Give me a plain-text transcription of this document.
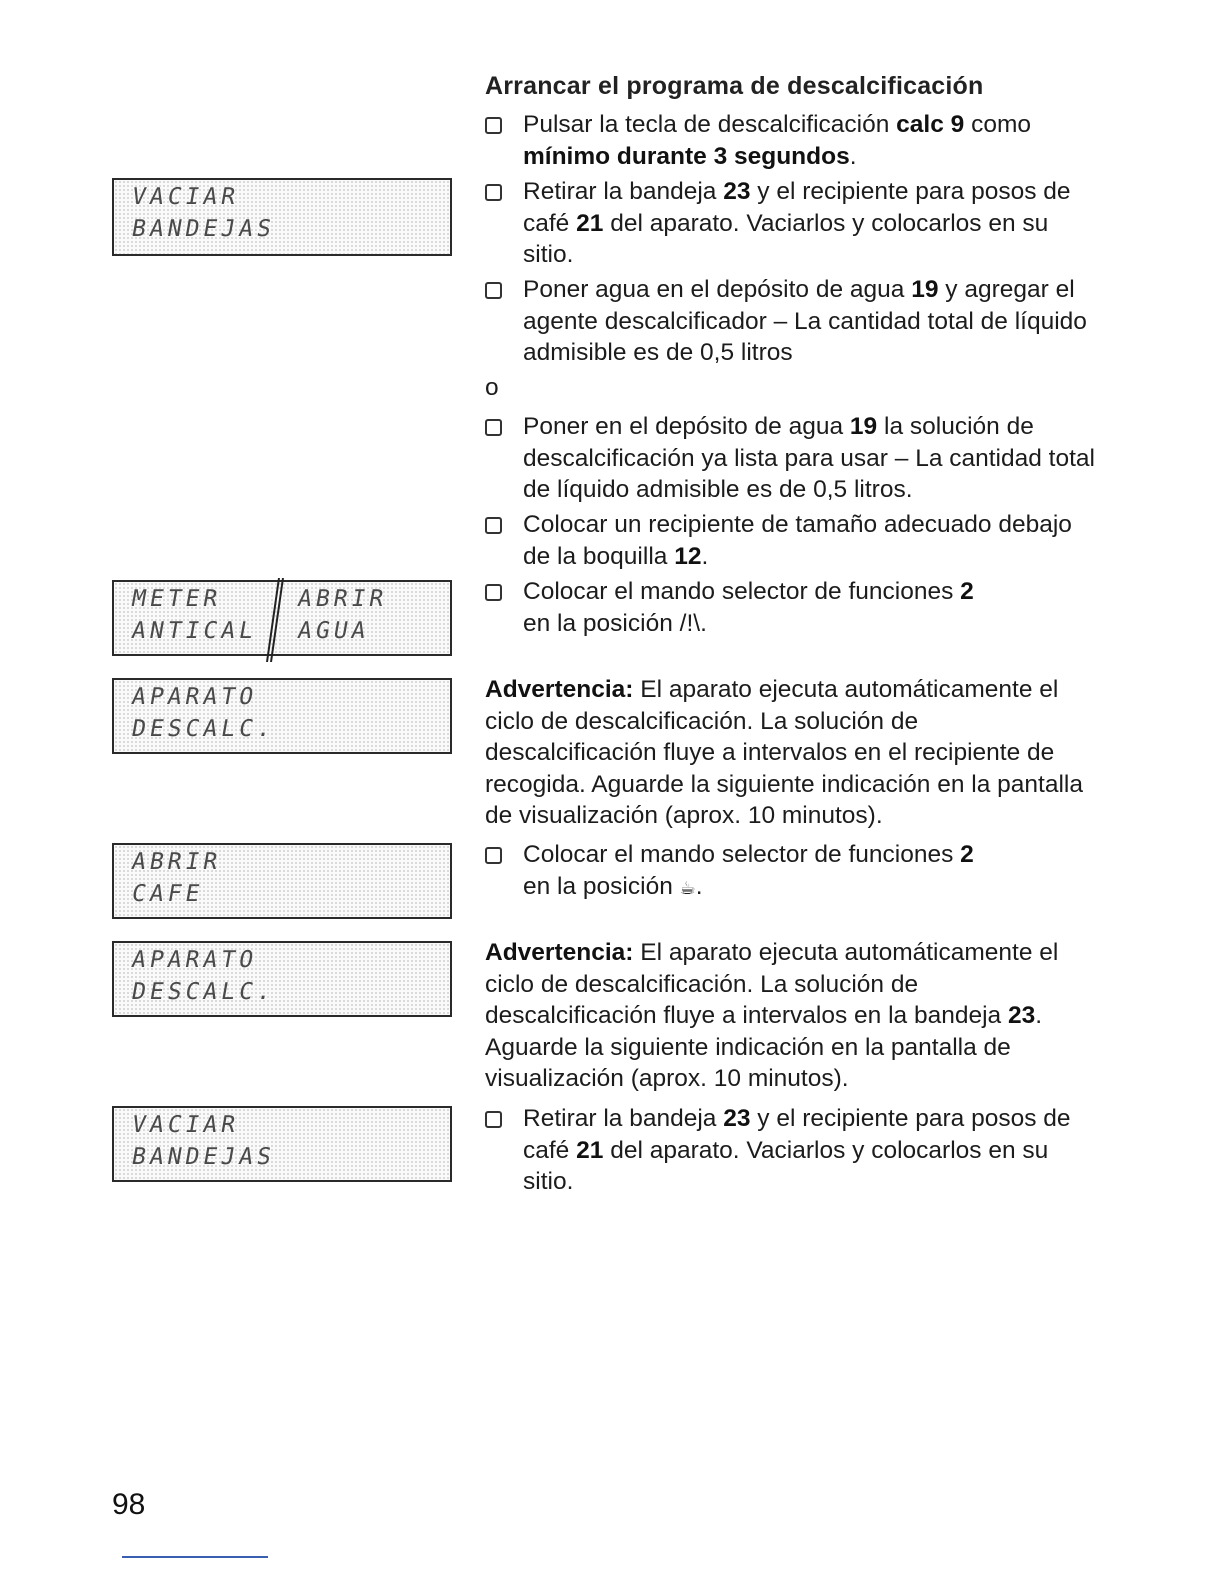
VACIAR
BANDEJAS
METER
ANTICAL
ABRIR
AGUA
APARATO
DESCALC.
ABRIR
CAFE
APARATO
DESCALC.
VACIAR
BANDEJAS
Arrancar el programa de descalcificación
Pulsar la tecla de descalcificación calc 9 como mínimo durante 3 segundos.
Retirar la bandeja 23 y el recipiente para posos de café 21 del aparato. Vaciarlos y colocarlos en su sitio.
Poner agua en el depósito de agua 19 y agregar el agente descalcificador – La cantidad total de líquido admisible es de 0,5 litros
o
Poner en el depósito de agua 19 la solución de descalcificación ya lista para usar – La cantidad total de líquido admisible es de 0,5 litros.
Colocar un recipiente de tamaño adecuado debajo de la boquilla 12.
Colocar el mando selector de funciones 2
en la posición /!\.
Advertencia: El aparato ejecuta automáticamente el ciclo de descalcificación. La solución de descalcificación fluye a intervalos en el recipiente de recogida. Aguarde la siguiente indicación en la pantalla de visualización (aprox. 10 minutos).
Colocar el mando selector de funciones 2
en la posición ☕.
Advertencia: El aparato ejecuta automáticamente el ciclo de descalcificación. La solución de descalcificación fluye a intervalos en la bandeja 23. Aguarde la siguiente indicación en la pantalla de visualización (aprox. 10 minutos).
Retirar la bandeja 23 y el recipiente para posos de café 21 del aparato. Vaciarlos y colocarlos en su sitio.
98
